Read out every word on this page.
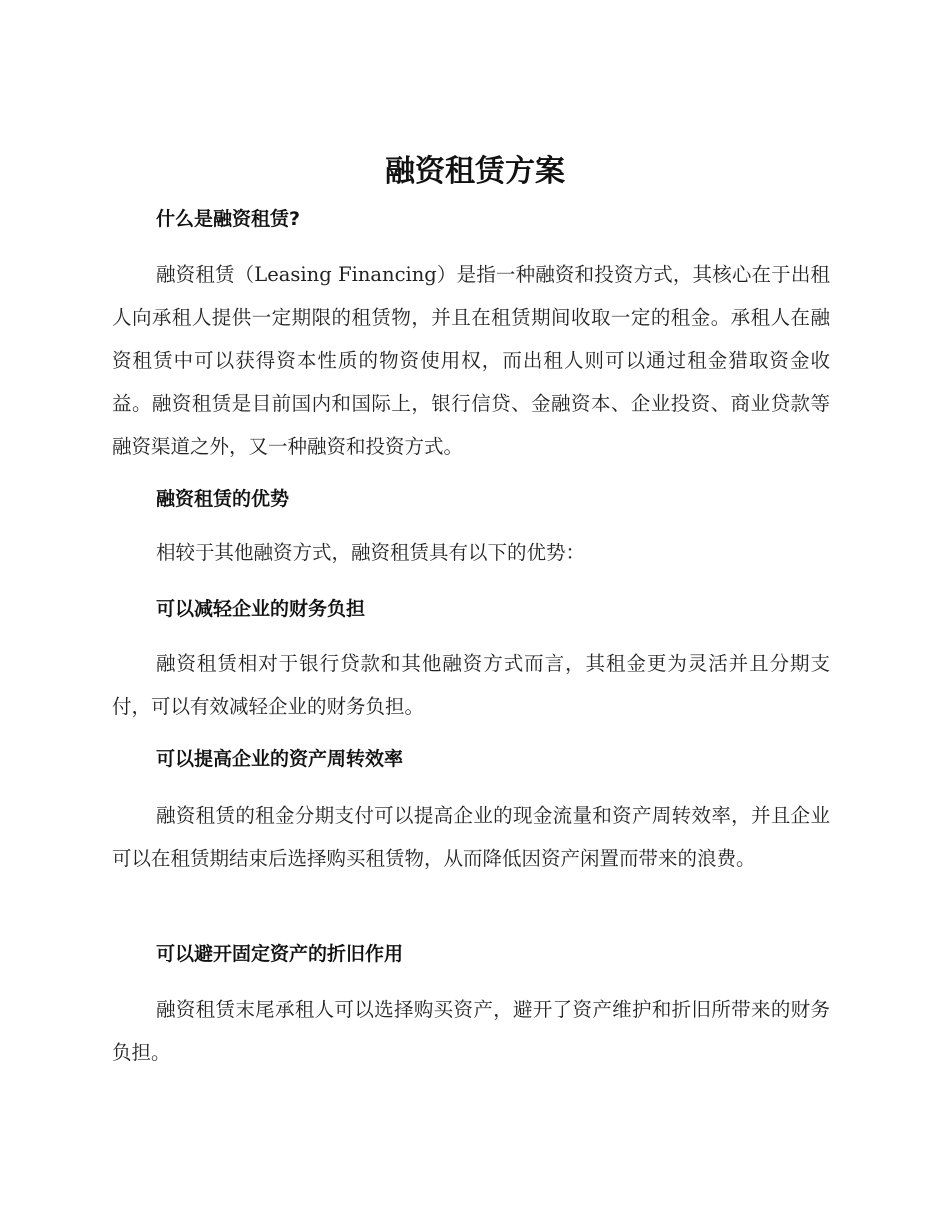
融资租赁方案
什么是融资租赁?

融资租赁（Leasing Financing）是指一种融资和投资方式，其核心在于出租人向承租人提供一定期限的租赁物，并且在租赁期间收取一定的租金。承租人在融资租赁中可以获得资本性质的物资使用权，而出租人则可以通过租金猎取资金收益。融资租赁是目前国内和国际上，银行信贷、金融资本、企业投资、商业贷款等融资渠道之外，又一种融资和投资方式。

融资租赁的优势

相较于其他融资方式，融资租赁具有以下的优势：

可以减轻企业的财务负担

融资租赁相对于银行贷款和其他融资方式而言，其租金更为灵活并且分期支付，可以有效减轻企业的财务负担。

可以提高企业的资产周转效率

融资租赁的租金分期支付可以提高企业的现金流量和资产周转效率，并且企业可以在租赁期结束后选择购买租赁物，从而降低因资产闲置而带来的浪费。

可以避开固定资产的折旧作用

融资租赁末尾承租人可以选择购买资产，避开了资产维护和折旧所带来的财务负担。
